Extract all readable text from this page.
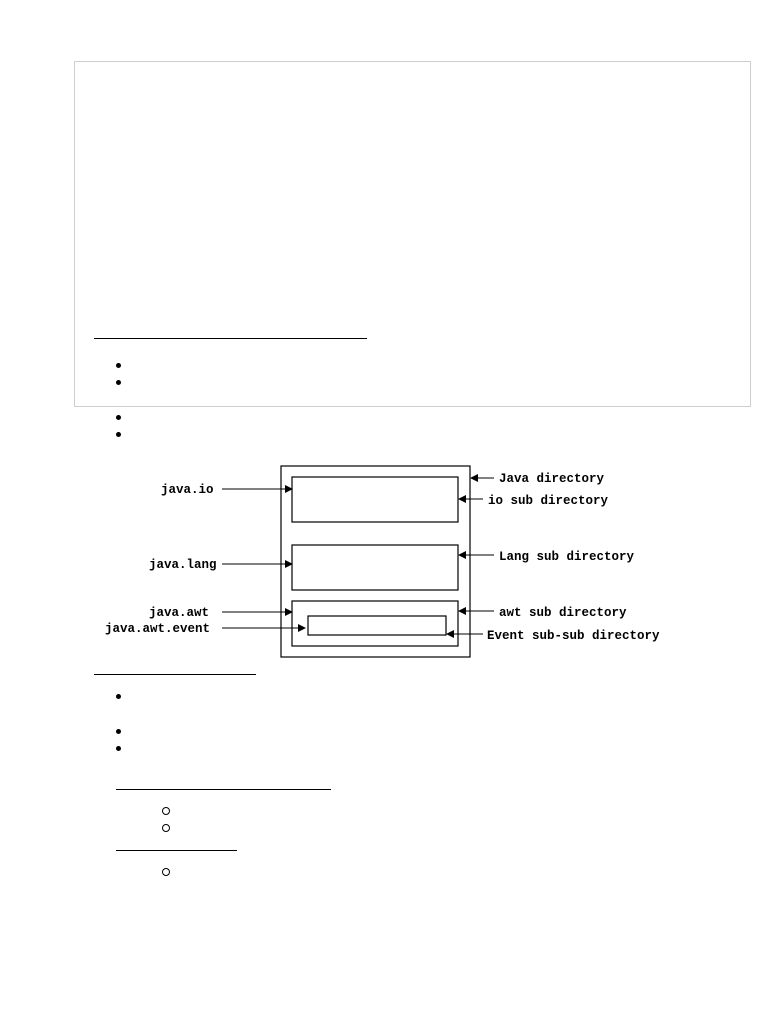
java.io
java.lang
java.awt
java.awt.event
Java directory
io sub directory
Lang sub directory
awt sub directory
Event sub-sub directory
